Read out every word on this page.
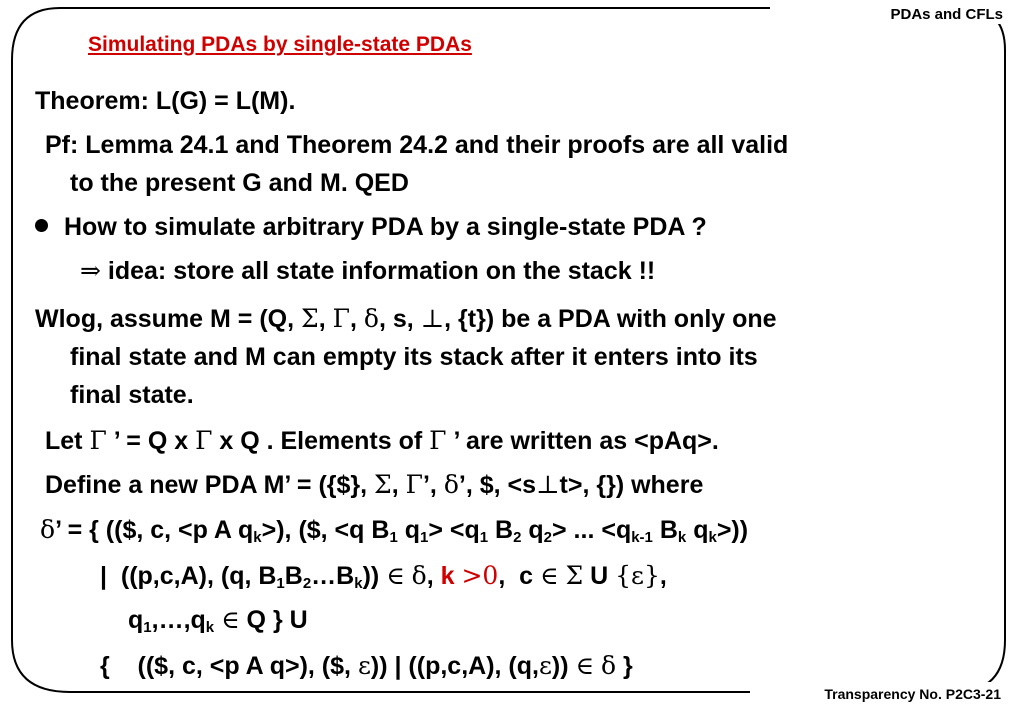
PDAs and CFLs
Simulating PDAs by single-state PDAs
Theorem: L(G) = L(M).
Pf: Lemma 24.1 and Theorem 24.2 and their proofs are all valid
to the present G and M. QED
How to simulate arbitrary PDA by a single-state PDA ?
⇒ idea: store all state information on the stack !!
Wlog, assume M = (Q, Σ, Γ, δ, s, ⊥, {t}) be a PDA with only one
final state and M can empty its stack after it enters into its
final state.
Let Γ ’ = Q x Γ x Q . Elements of Γ ’ are written as <pAq>.
Define a new PDA M’ = ({$}, Σ, Γ’, δ’, $, <s⊥t>, {}) where
δ’ = { (($, c, <p A $q_k>$), ($, <q $B_1$ $q_1> <q_1$ $B_2$ $q_2>$ ... $<q_{k-1}$ $B_k$ $q_k>$))
|  ((p,c,A), (q, $B_1B_2\dots B_k$)) ∈ δ, k >0,  c ∈ Σ U {ε},
$q_1,\dots,q_k$ ∈ Q } U
{    (($, c, <p A q>), ($, ε)) | ((p,c,A), (q,ε)) ∈ δ }
Transparency No. P2C3-21
